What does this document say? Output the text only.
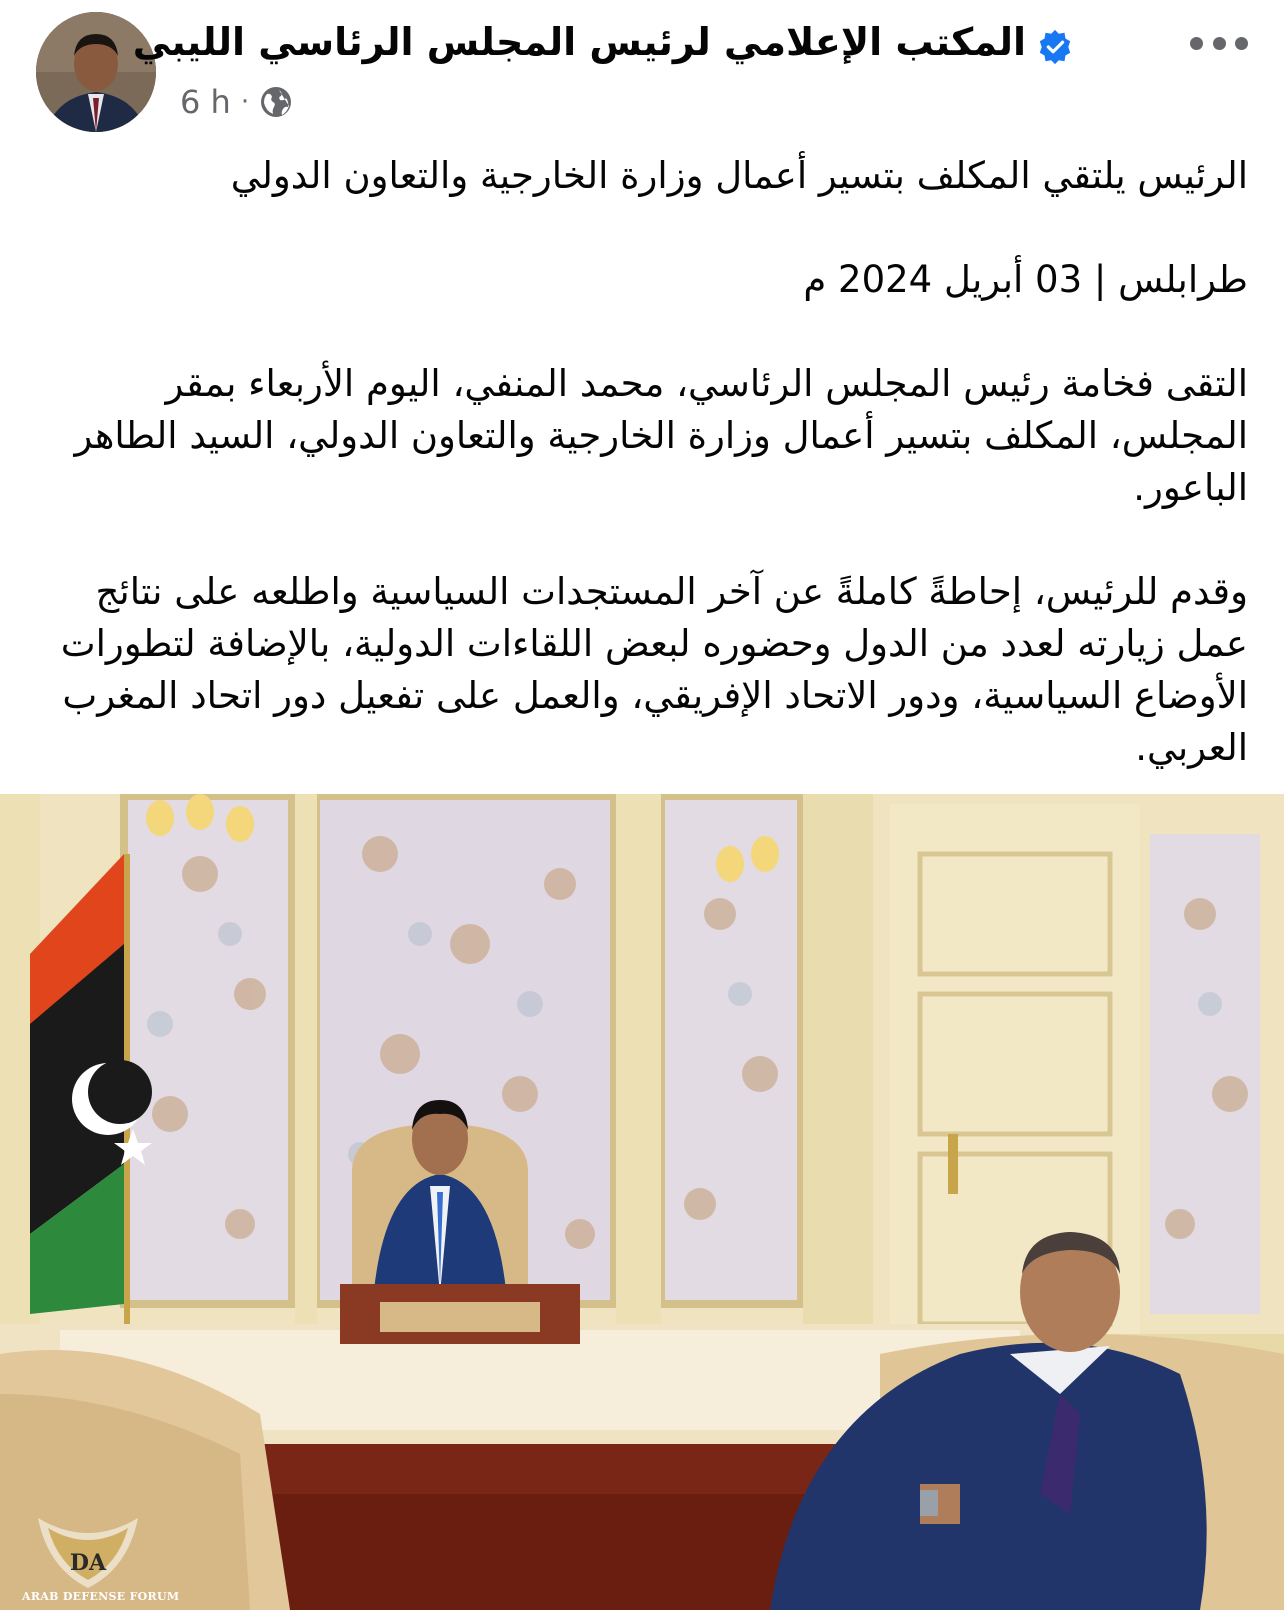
المكتب الإعلامي لرئيس المجلس الرئاسي الليبي
6 h ·

الرئيس يلتقي المكلف بتسير أعمال وزارة الخارجية والتعاون الدولي

طرابلس | 03 أبريل 2024 م

التقى فخامة رئيس المجلس الرئاسي، محمد المنفي، اليوم الأربعاء بمقر المجلس، المكلف بتسير أعمال وزارة الخارجية والتعاون الدولي، السيد الطاهر الباعور.

وقدم للرئيس، إحاطةً كاملةً عن آخر المستجدات السياسية واطلعه على نتائج عمل زيارته لعدد من الدول وحضوره لبعض اللقاءات الدولية، بالإضافة لتطورات الأوضاع السياسية، ودور الاتحاد الإفريقي، والعمل على تفعيل دور اتحاد المغرب العربي.

DA
ARAB DEFENSE FORUM
